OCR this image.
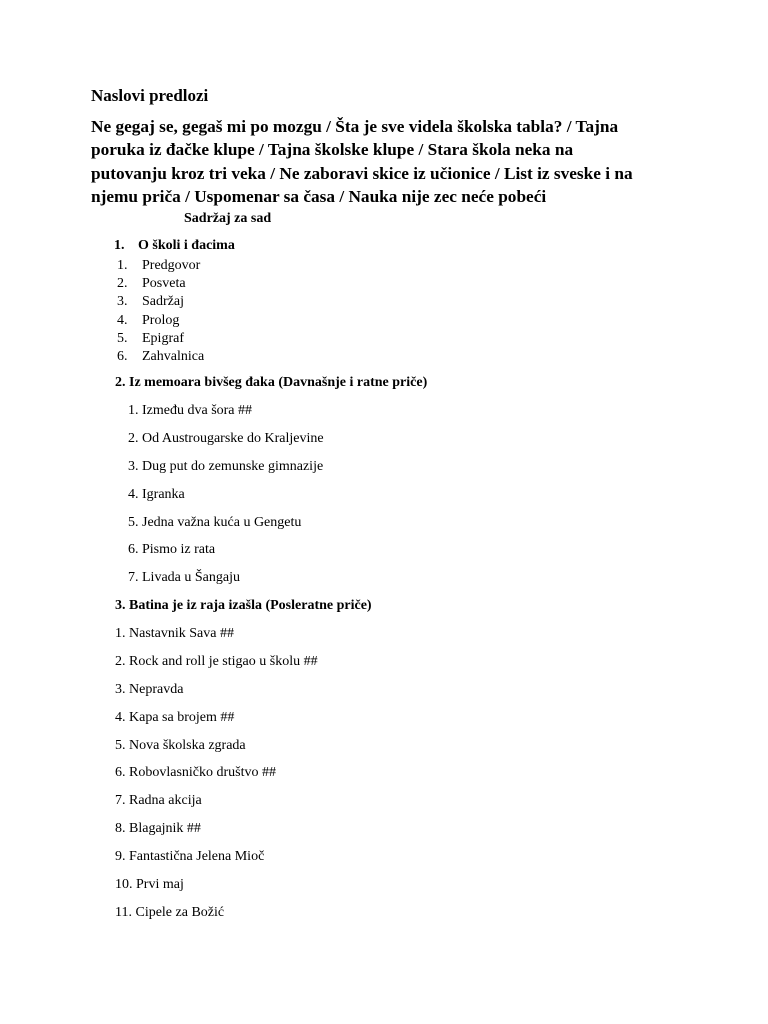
Naslovi predlozi
Ne gegaj se, gegaš mi po mozgu / Šta je sve videla školska tabla? / Tajna
poruka iz đačke klupe / Tajna školske klupe / Stara škola neka na
putovanju kroz tri veka / Ne zaboravi skice iz učionice / List iz sveske i na
njemu priča / Uspomenar sa časa / Nauka nije zec neće pobeći
Sadržaj za sad
1. O školi i đacima
1. Predgovor
2. Posveta
3. Sadržaj
4. Prolog
5. Epigraf
6. Zahvalnica
2. Iz memoara bivšeg đaka (Davnašnje i ratne priče)
1. Između dva šora ##
2. Od Austrougarske do Kraljevine
3. Dug put do zemunske gimnazije
4. Igranka
5. Jedna važna kuća u Gengetu
6. Pismo iz rata
7. Livada u Šangaju
3. Batina je iz raja izašla (Posleratne priče)
1. Nastavnik Sava ##
2. Rock and roll je stigao u školu ##
3. Nepravda
4. Kapa sa brojem ##
5. Nova školska zgrada
6. Robovlasničko društvo ##
7. Radna akcija
8. Blagajnik ##
9. Fantastična Jelena Mioč
10. Prvi maj
11. Cipele za Božić
